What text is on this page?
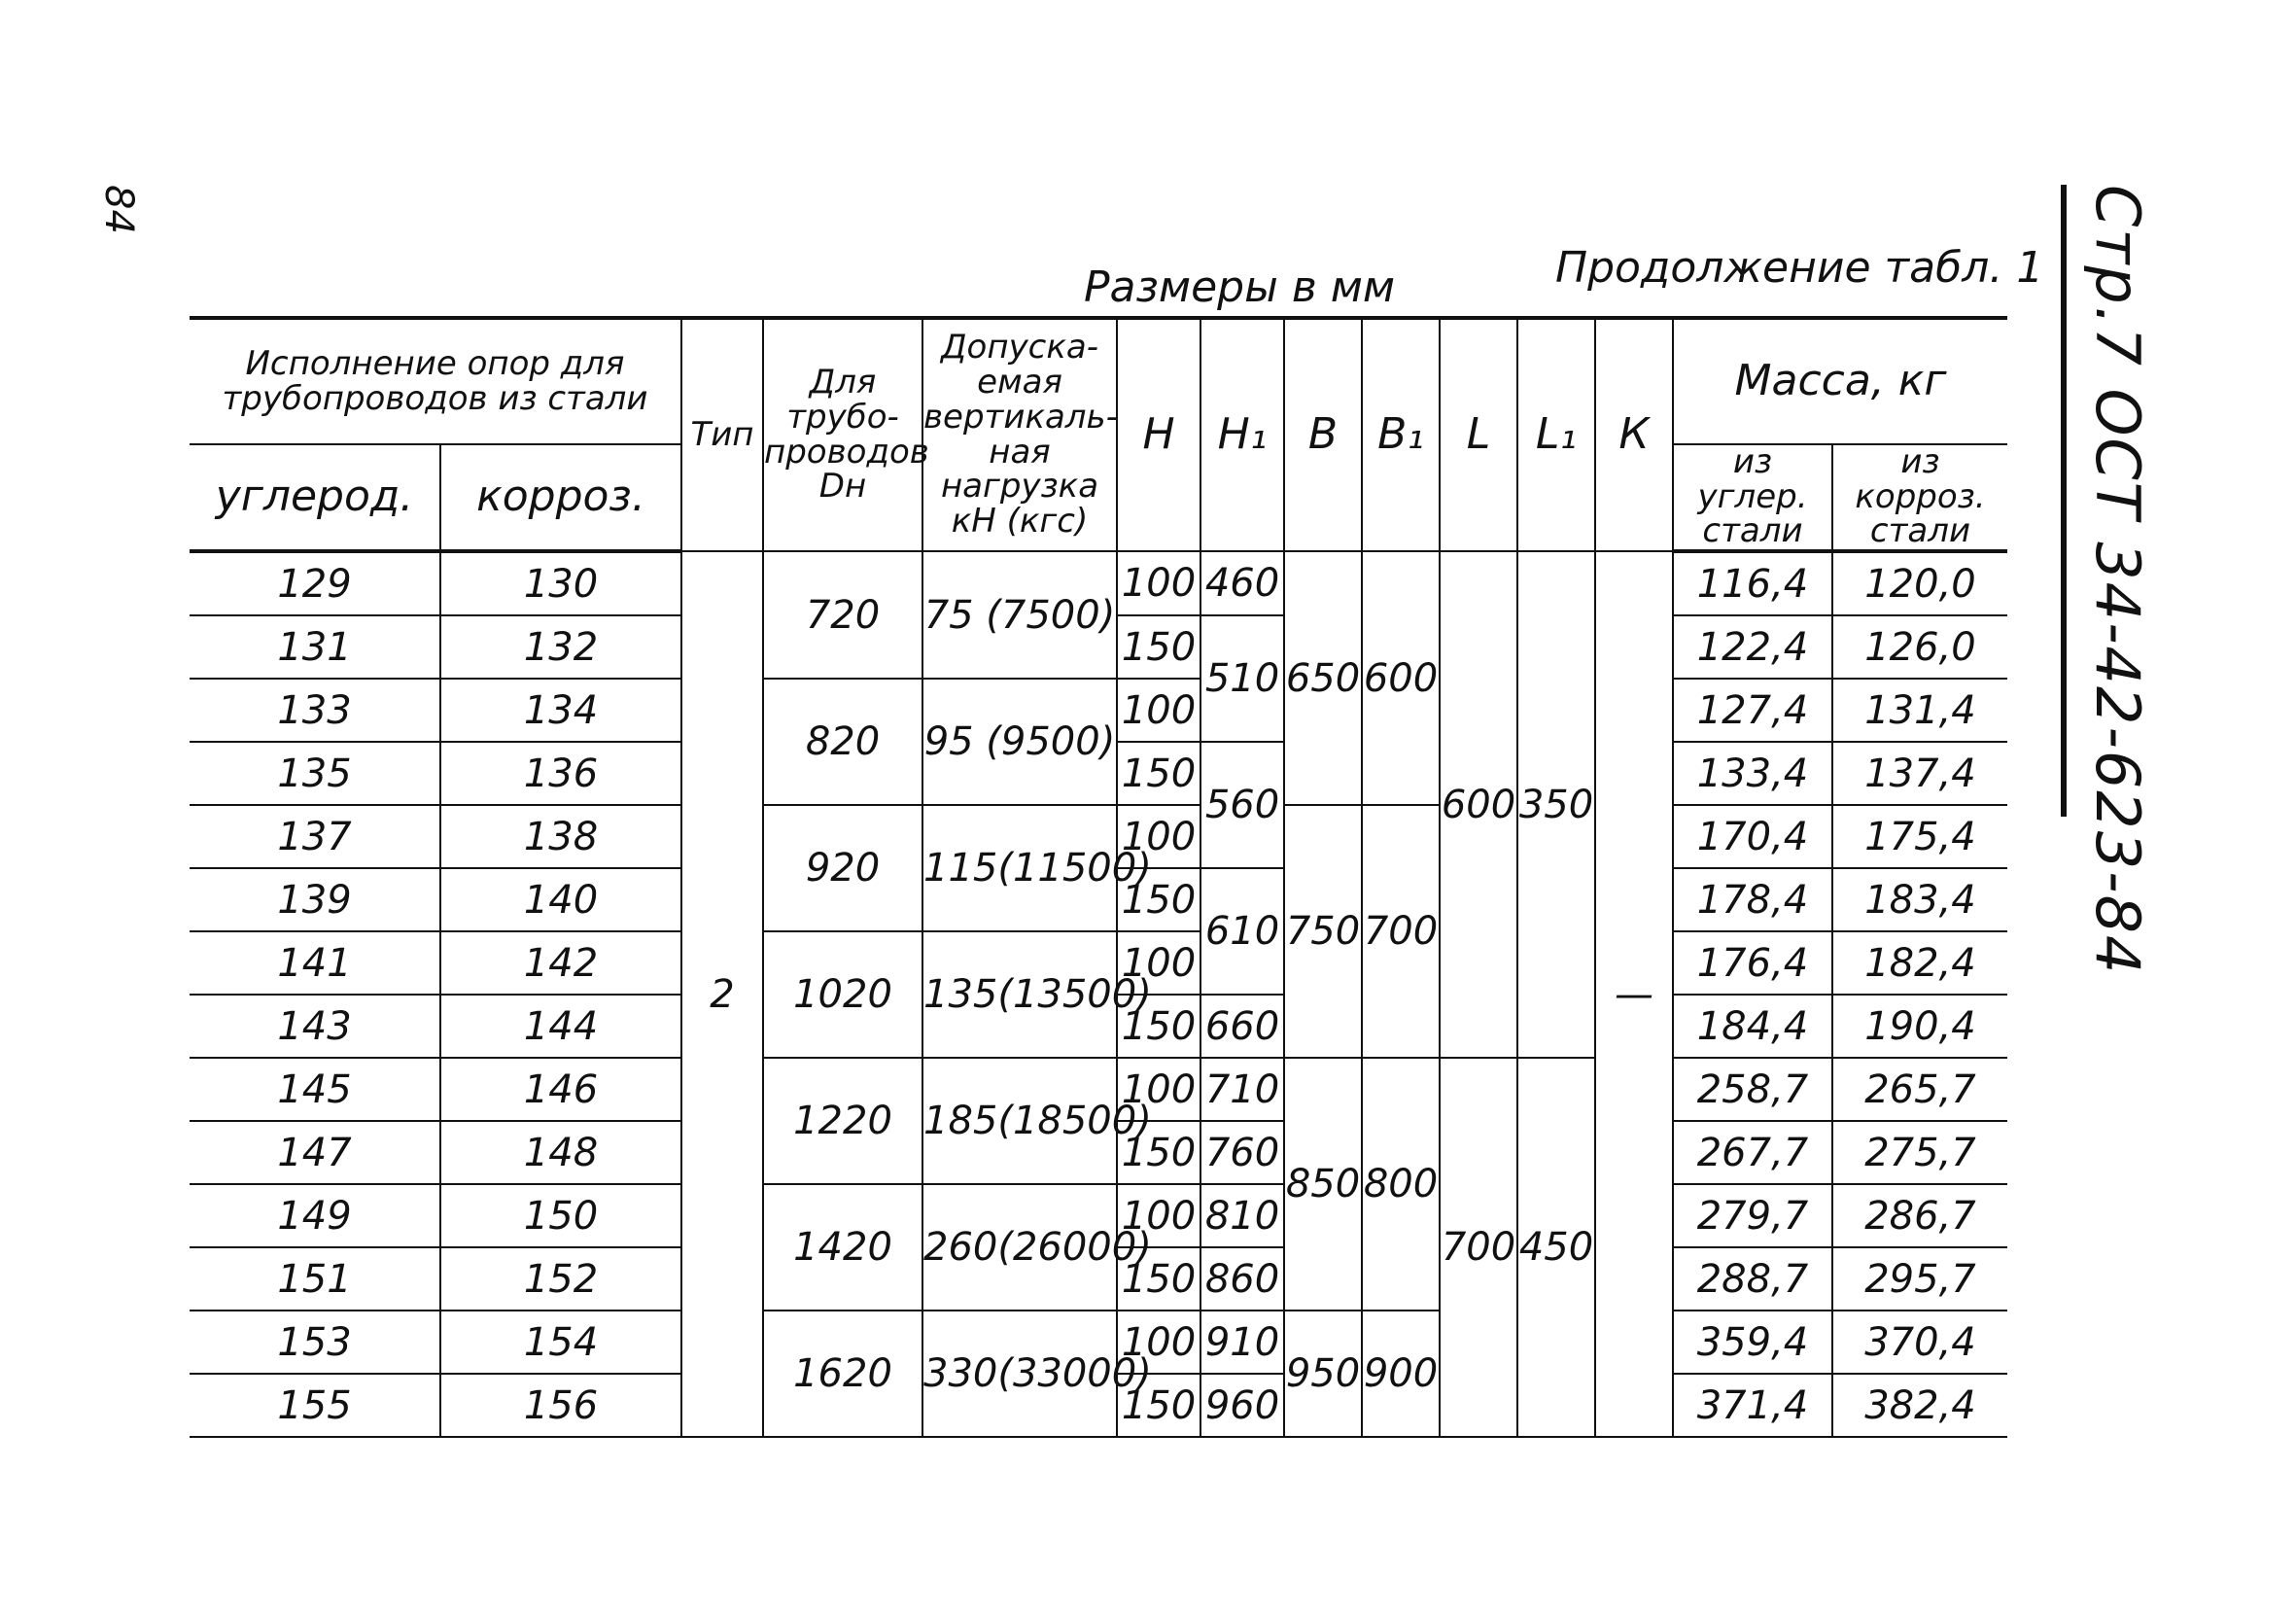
84	Стр.7 ОСТ 34-42-623-84
Размеры в мм	Продолжение табл. 1
Исполнение опор для трубопроводов из стали		Тип	Для трубо- проводов Dн	Допуска- емая вертикаль- ная нагрузка кН (кгс)	H	H₁	B	B₁	L	L₁	К	Масса, кг	
углерод.	корроз.											из углер. стали	из корроз. стали
129	130	2	720	75 (7500)	100	460	650	600	600	350	—	116,4	120,0
131	132				150	510						122,4	126,0
133	134		820	95 (9500)	100							127,4	131,4
135	136				150	560						133,4	137,4
137	138		920	115(11500)	100		750	700				170,4	175,4
139	140				150	610						178,4	183,4
141	142		1020	135(13500)	100							176,4	182,4
143	144				150	660						184,4	190,4
145	146		1220	185(18500)	100	710	850	800	700	450		258,7	265,7
147	148				150	760						267,7	275,7
149	150		1420	260(26000)	100	810						279,7	286,7
151	152				150	860						288,7	295,7
153	154		1620	330(33000)	100	910	950	900				359,4	370,4
155	156				150	960						371,4	382,4
